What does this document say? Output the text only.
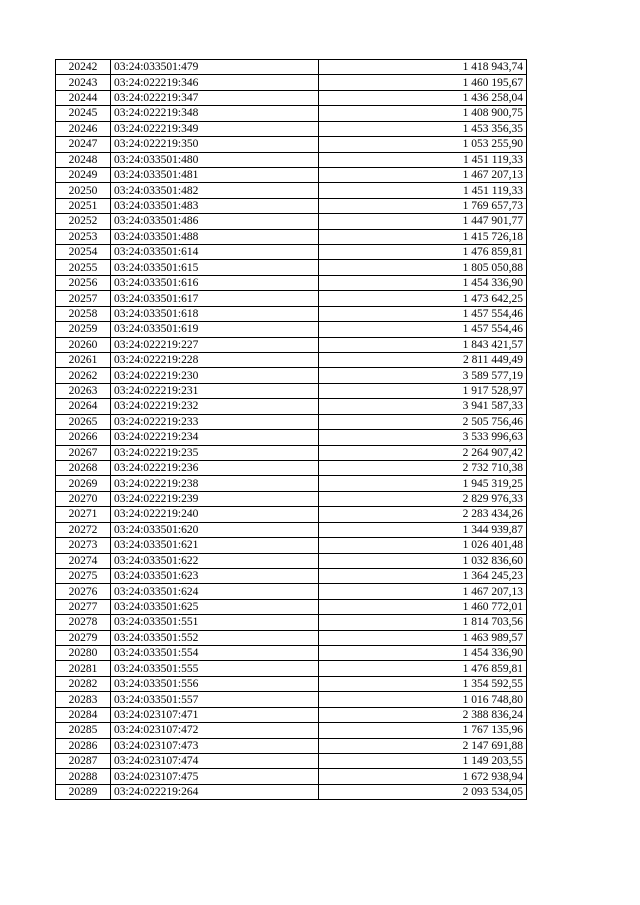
20242	03:24:033501:479	1 418 943,74
20243	03:24:022219:346	1 460 195,67
20244	03:24:022219:347	1 436 258,04
20245	03:24:022219:348	1 408 900,75
20246	03:24:022219:349	1 453 356,35
20247	03:24:022219:350	1 053 255,90
20248	03:24:033501:480	1 451 119,33
20249	03:24:033501:481	1 467 207,13
20250	03:24:033501:482	1 451 119,33
20251	03:24:033501:483	1 769 657,73
20252	03:24:033501:486	1 447 901,77
20253	03:24:033501:488	1 415 726,18
20254	03:24:033501:614	1 476 859,81
20255	03:24:033501:615	1 805 050,88
20256	03:24:033501:616	1 454 336,90
20257	03:24:033501:617	1 473 642,25
20258	03:24:033501:618	1 457 554,46
20259	03:24:033501:619	1 457 554,46
20260	03:24:022219:227	1 843 421,57
20261	03:24:022219:228	2 811 449,49
20262	03:24:022219:230	3 589 577,19
20263	03:24:022219:231	1 917 528,97
20264	03:24:022219:232	3 941 587,33
20265	03:24:022219:233	2 505 756,46
20266	03:24:022219:234	3 533 996,63
20267	03:24:022219:235	2 264 907,42
20268	03:24:022219:236	2 732 710,38
20269	03:24:022219:238	1 945 319,25
20270	03:24:022219:239	2 829 976,33
20271	03:24:022219:240	2 283 434,26
20272	03:24:033501:620	1 344 939,87
20273	03:24:033501:621	1 026 401,48
20274	03:24:033501:622	1 032 836,60
20275	03:24:033501:623	1 364 245,23
20276	03:24:033501:624	1 467 207,13
20277	03:24:033501:625	1 460 772,01
20278	03:24:033501:551	1 814 703,56
20279	03:24:033501:552	1 463 989,57
20280	03:24:033501:554	1 454 336,90
20281	03:24:033501:555	1 476 859,81
20282	03:24:033501:556	1 354 592,55
20283	03:24:033501:557	1 016 748,80
20284	03:24:023107:471	2 388 836,24
20285	03:24:023107:472	1 767 135,96
20286	03:24:023107:473	2 147 691,88
20287	03:24:023107:474	1 149 203,55
20288	03:24:023107:475	1 672 938,94
20289	03:24:022219:264	2 093 534,05
